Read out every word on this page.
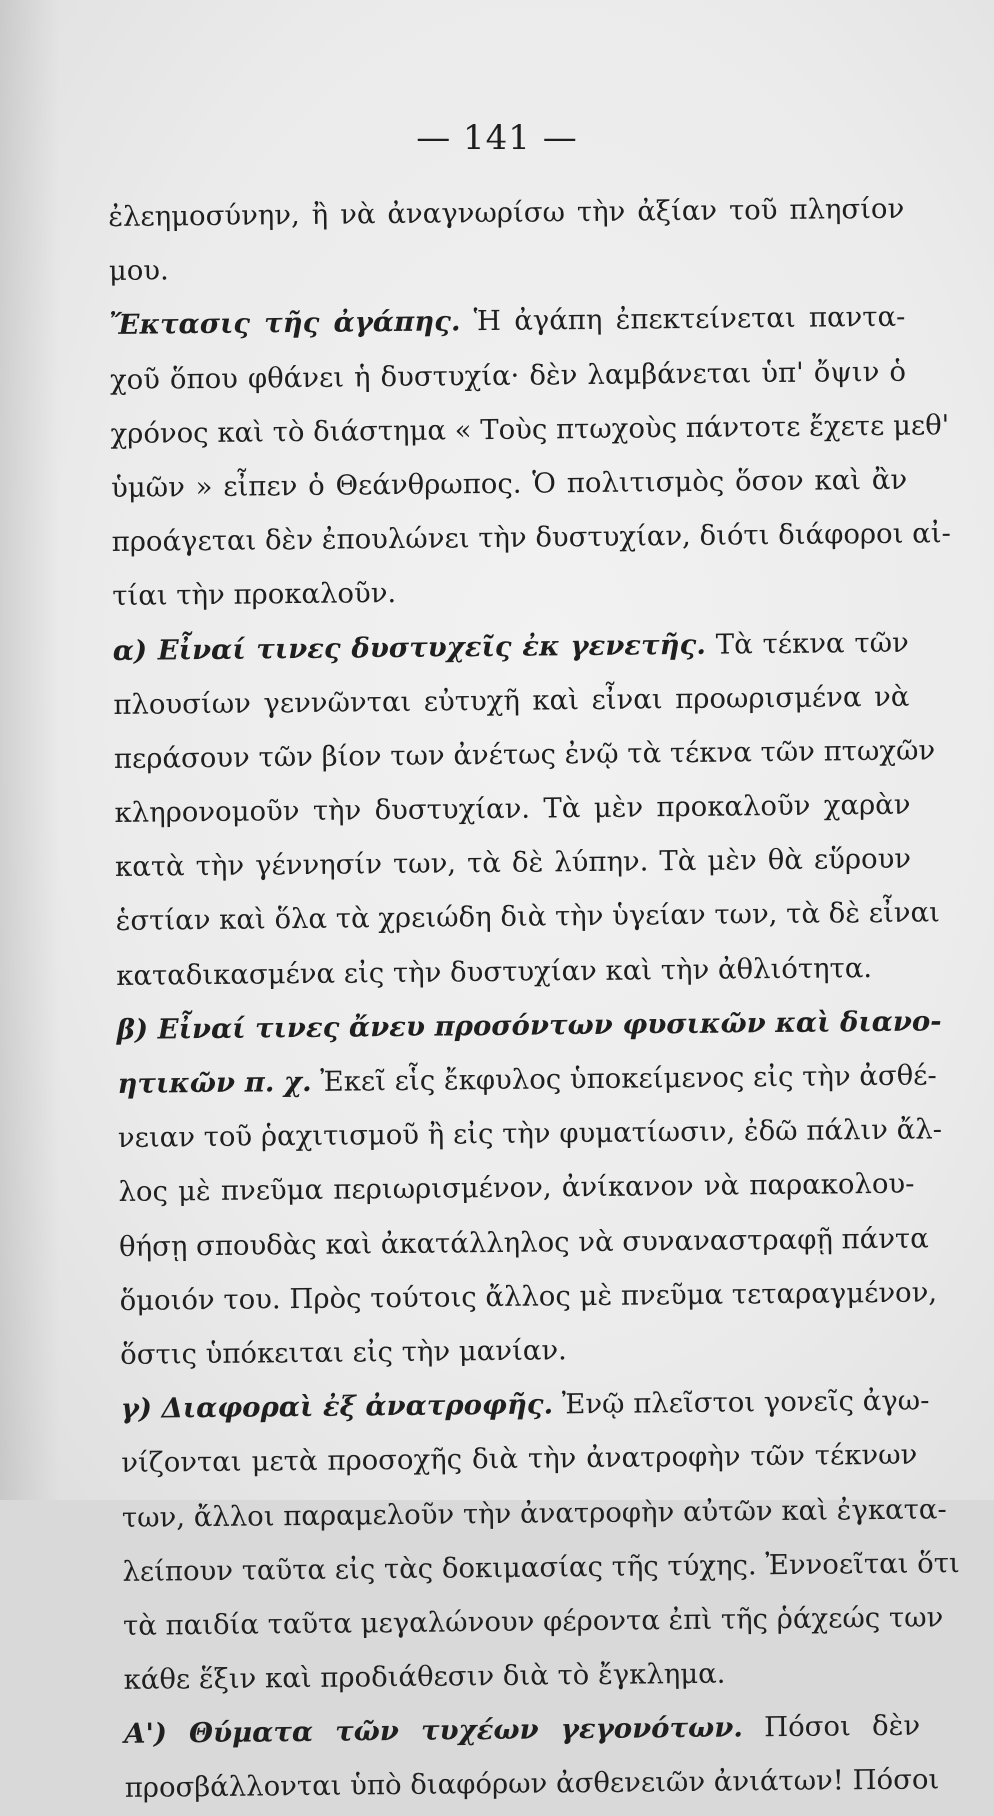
— 141 —
ἐλεημοσύνην, ἢ νὰ ἀναγνωρίσω τὴν ἀξίαν τοῦ πλησίον
μου.
Ἔκτασις τῆς ἀγάπης. Ἡ ἀγάπη ἐπεκτείνεται παντα-
χοῦ ὅπου φθάνει ἡ δυστυχία· δὲν λαμβάνεται ὑπ' ὄψιν ὁ
χρόνος καὶ τὸ διάστημα « Τοὺς πτωχοὺς πάντοτε ἔχετε μεθ'
ὑμῶν » εἶπεν ὁ Θεάνθρωπος. Ὁ πολιτισμὸς ὅσον καὶ ἂν
προάγεται δὲν ἐπουλώνει τὴν δυστυχίαν, διότι διάφοροι αἰ-
τίαι τὴν προκαλοῦν.
α) Εἶναί τινες δυστυχεῖς ἐκ γενετῆς. Τὰ τέκνα τῶν
πλουσίων γεννῶνται εὐτυχῆ καὶ εἶναι προωρισμένα νὰ
περάσουν τῶν βίον των ἀνέτως ἐνῷ τὰ τέκνα τῶν πτωχῶν
κληρονομοῦν τὴν δυστυχίαν. Τὰ μὲν προκαλοῦν χαρὰν
κατὰ τὴν γέννησίν των, τὰ δὲ λύπην. Τὰ μὲν θὰ εὕρουν
ἑστίαν καὶ ὅλα τὰ χρειώδη διὰ τὴν ὑγείαν των, τὰ δὲ εἶναι
καταδικασμένα εἰς τὴν δυστυχίαν καὶ τὴν ἀθλιότητα.
β) Εἶναί τινες ἄνευ προσόντων φυσικῶν καὶ διανο-
ητικῶν π. χ. Ἐκεῖ εἷς ἔκφυλος ὑποκείμενος εἰς τὴν ἀσθέ-
νειαν τοῦ ῥαχιτισμοῦ ἢ εἰς τὴν φυματίωσιν, ἐδῶ πάλιν ἄλ-
λος μὲ πνεῦμα περιωρισμένον, ἀνίκανον νὰ παρακολου-
θήσῃ σπουδὰς καὶ ἀκατάλληλος νὰ συναναστραφῇ πάντα
ὅμοιόν του. Πρὸς τούτοις ἄλλος μὲ πνεῦμα τεταραγμένον,
ὅστις ὑπόκειται εἰς τὴν μανίαν.
γ) Διαφοραὶ ἐξ ἀνατροφῆς. Ἐνῷ πλεῖστοι γονεῖς ἀγω-
νίζονται μετὰ προσοχῆς διὰ τὴν ἀνατροφὴν τῶν τέκνων
των, ἄλλοι παραμελοῦν τὴν ἀνατροφὴν αὐτῶν καὶ ἐγκατα-
λείπουν ταῦτα εἰς τὰς δοκιμασίας τῆς τύχης. Ἐννοεῖται ὅτι
τὰ παιδία ταῦτα μεγαλώνουν φέροντα ἐπὶ τῆς ῥάχεώς των
κάθε ἕξιν καὶ προδιάθεσιν διὰ τὸ ἔγκλημα.
Α') Θύματα τῶν τυχέων γεγονότων. Πόσοι δὲν
προσβάλλονται ὑπὸ διαφόρων ἀσθενειῶν ἀνιάτων! Πόσοι
